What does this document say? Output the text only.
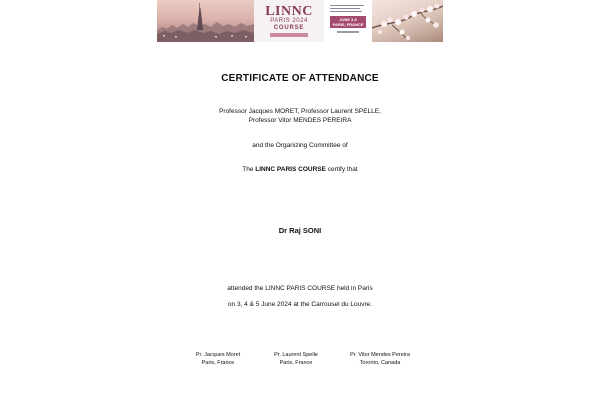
LINNC
PARIS 2024
COURSE
JUNE 3-5
PARIS, FRANCE
CERTIFICATE OF ATTENDANCE
Professor Jacques MORET, Professor Laurent SPELLE,
Professor Vitor MENDES PEREIRA
and the Organizing Committee of
The LINNC PARIS COURSE certify that
Dr Raj SONI
attended the LINNC PARIS COURSE held in Paris
on 3, 4 & 5 June 2024 at the Carrousel du Louvre.
Pr. Jacques Moret
Paris, France
Pr. Laurent Spelle
Paris, France
Pr. Vitor Mendes Pereira
Toronto, Canada
